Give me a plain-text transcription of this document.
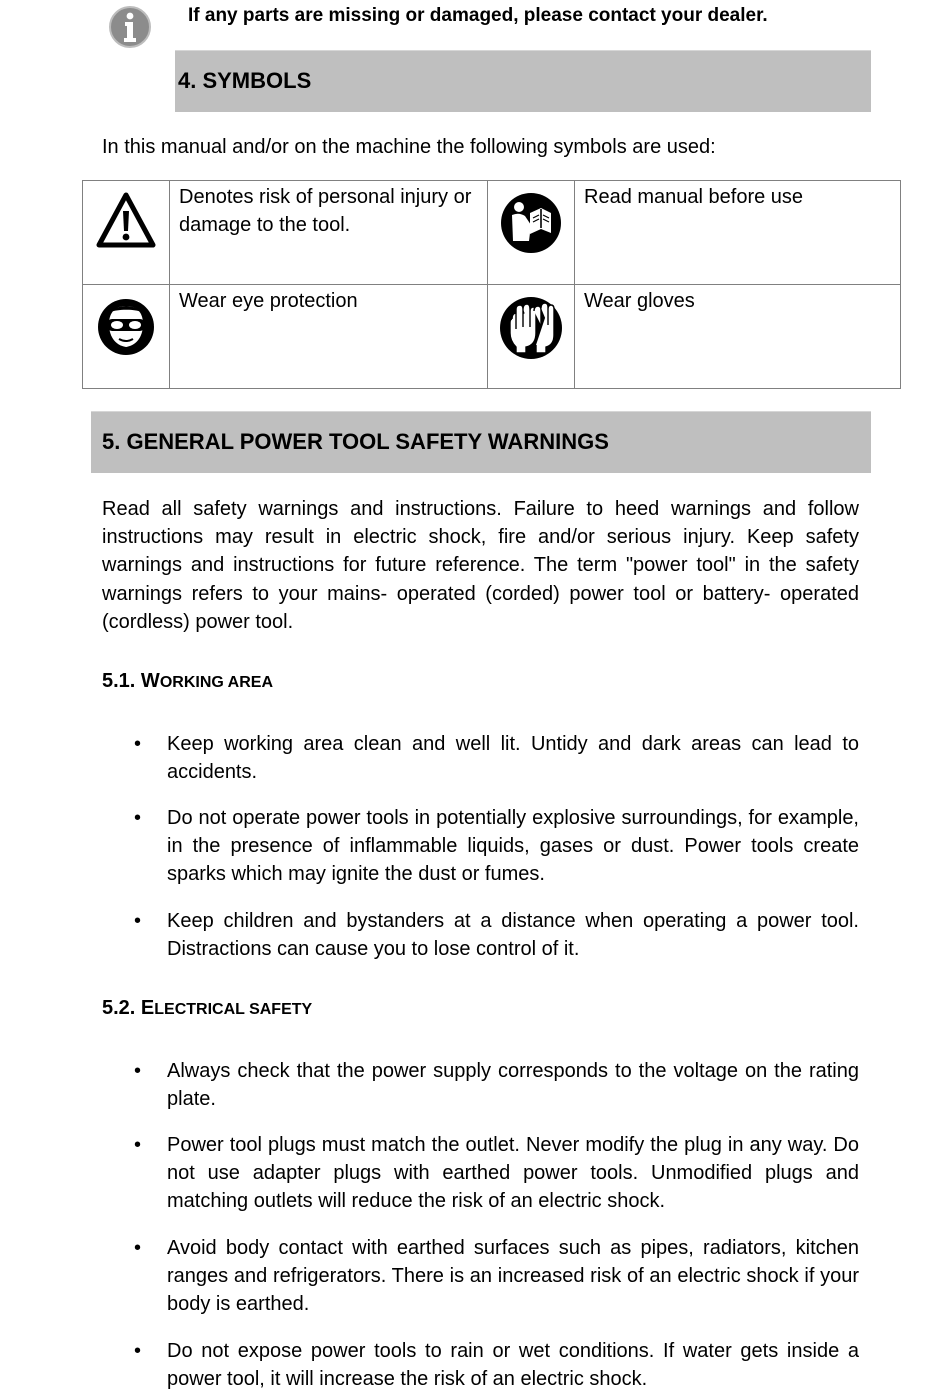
If any parts are missing or damaged, please contact your dealer.
4. SYMBOLS
In this manual and/or on the machine the following symbols are used:
	Denotes risk of personal injury or damage to the tool.		Read manual before use
	Wear eye protection		Wear gloves
5. GENERAL POWER TOOL SAFETY WARNINGS

Read all safety warnings and instructions. Failure to heed warnings and follow instructions may result in electric shock, fire and/or serious injury. Keep safety warnings and instructions for future reference. The term "power tool" in the safety warnings refers to your mains- operated (corded) power tool or battery- operated (cordless) power tool.

5.1. WORKING AREA
• Keep working area clean and well lit. Untidy and dark areas can lead to accidents.

• Do not operate power tools in potentially explosive surroundings, for example, in the presence of inflammable liquids, gases or dust. Power tools create sparks which may ignite the dust or fumes.

• Keep children and bystanders at a distance when operating a power tool. Distractions can cause you to lose control of it.

5.2. ELECTRICAL SAFETY
• Always check that the power supply corresponds to the voltage on the rating plate.

• Power tool plugs must match the outlet. Never modify the plug in any way. Do not use adapter plugs with earthed power tools. Unmodified plugs and matching outlets will reduce the risk of an electric shock.

• Avoid body contact with earthed surfaces such as pipes, radiators, kitchen ranges and refrigerators. There is an increased risk of an electric shock if your body is earthed.

• Do not expose power tools to rain or wet conditions. If water gets inside a power tool, it will increase the risk of an electric shock.
